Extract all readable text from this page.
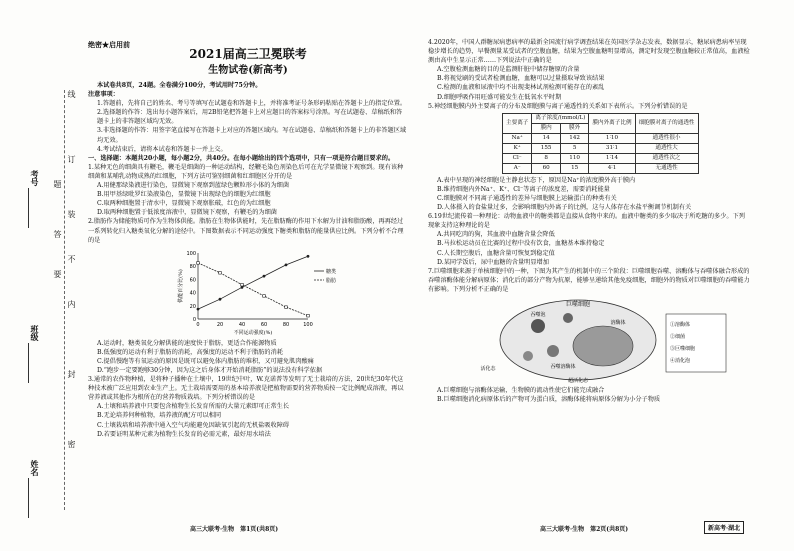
线
订
装
不
内
封
密
题
答
要
考号
班级
姓名
绝密★启用前
2021届高三卫冕联考
生物试卷(新高考)

本试卷共8页，24题。全卷满分100分，考试用时75分钟。

注意事项：

1.答题前，先将自己的姓名、考号等填写在试题卷和答题卡上，并将准考证号条形码粘贴在答题卡上的指定位置。

2.选择题的作答：选出每小题答案后，用2B铅笔把答题卡上对应题目的答案标号涂黑。写在试题卷、草稿纸和答题卡上的非答题区域均无效。

3.非选择题的作答：用签字笔直接写在答题卡上对应的答题区域内。写在试题卷、草稿纸和答题卡上的非答题区域均无效。

4.考试结束后，请将本试卷和答题卡一并上交。

一、选择题：本题共20小题，每小题2分，共40分。在每小题给出的四个选项中，只有一项是符合题目要求的。

1.某种无色的细菌具有鞭毛，鞭毛是细菌的一种运动结构，经鞭毛染色剂染色后可在光学显微镜下观察到。现有该种细菌和某哺乳动物成熟的红细胞，下列方法可鉴别细菌和红细胞区分开的是

A.用健那绿染液进行染色，显微镜下观察到蓝绿色颗粒形小体的为细菌

B.用甲基绿吡罗红染液染色，显微镜下出现绿色的细胞为红细胞

C.取两种细胞置于清水中，显微镜下观察胀破，红色的为红细胞

D.取两种细胞置于低浓度溶液中，显微镜下观察，有鞭毛的为细菌

2.脂肪作为储能物质可作为生物体供能。脂肪在生物体供能时，先在脂肪酶的作用下水解为甘油和脂肪酸，再再经过一系列转化归入糖类氧化分解的途径中。下图数据表示不同运动强度下糖类和脂肪的能量供应比例。下列分析不合理的是

0
20
40
60
80
100
0	20	40	60	80	100
不同运动强度(%)
供能百分比(%)	糖类
脂肪

A.运动时，糖类氧化分解供能的速度快于脂肪，更适合作能源物质

B.低强度的运动有利于脂肪的消耗，高强度的运动不利于脂肪的消耗

C.提倡慢跑等有氧运动的原因是既可以避免体内脂肪的堆积，又可避免肌肉酸痛

D.“跑步一定要跑够30分钟，因为这之后身体才开始消耗脂肪”的说法没有科学依据

3.通常的农作物种植，是将种子播种在土壤中，19世纪中叶，W.克诺普等发明了无土栽培的方法，20世纪30年代这种技术被广泛应用到农业生产上。无土栽培需要用的基本培养液是把植物需要的营养物质按一定比例配成溶液，再以营养液或其他作为根所在的营养物质栽培。下列分析错误的是

A.土壤和培养液中只要包含植物生长发育所需的大量元素即可正常生长

B.无论培养何种植物，培养液的配方可以相同

C.土壤栽培和培养液中通入空气均能避免因缺氧引起的无机盐吸收障碍

D.若要证明某种元素为植物生长发育的必需元素，最好用水培法

4.2020年，中国人群糖尿病患病率的最新全国流行病学调查结果在英国医学杂志发表，数据显示，糖尿病患病率呈现稳步增长的趋势，早餐测量某受试者的空腹血糖，结果为空腹血糖明显增高，测定时发现空腹血糖较正常值高，血液检测由高中生显示正常……下列说法中正确的是

A.空腹检测血糖的目的是监测肝脏中储存糖原的含量

B.将视觉刷的受试者检测血糖，血糖可以过量摄取导致该结果

C.检测的血液和尿液中均不出现斐林试剂检测可能存在的紊乱

D.细胞呼吸作用旺盛可能发生在低氧水平时期

5.神经细胞膜内外主要离子的分布及细胞膜与离子通透性的关系如下表所示。下列分析错误的是

主要离子	离子浓度/(mmol/L)		膜内外离子比例	细胞膜对离子的通透性
	膜内	膜外		
Na⁺	14	142	1∶10	通透性很小
K⁺	155	5	31∶1	通透性大
Cl⁻	8	110	1∶14	通透性次之
A⁻	60	15	4∶1	无通透性

A.表中呈现的神经细胞是主静息状态下，原因是Na⁺的浓度膜外高于膜内

B.维持细胞内外Na⁺、K⁺、Cl⁻等离子的浓度差，需要消耗能量

C.细胞膜对不同离子通透性的差异与细胞膜上运输蛋白的种类有关

D.人体摄入的食盐量过多，会影响细胞内外离子的比例，这与人体存在水盐平衡调节机制有关

6.19世纪流传着一种理论：动物血液中的糖类都是直接从食物中来的。血液中糖类的多少取决于所吃糖的多少。下列现象支持这种理论的是

A.共同吃肉的狗，其血液中血糖含量会降低

B.马拉松运动员在比赛的过程中没有饮食，血糖基本维持稳定

C.人长期空腹后，血糖含量可恢复到稳定值

D.某同学饭后，尿中血糖的含量明显增加

7.巨噬细胞来源于单核细胞中的一种，下图为其产生的机制中的三个阶段：巨噬细胞吞噬、溶酶体与吞噬体融合形成的吞噬溶酶体能分解病原体；消化后的部分产物为抗原，能够呈递给其他免疫细胞，细胞外的物质对巨噬细胞的吞噬能力有影响。下列分析不正确的是

巨噬细胞
吞噬泡
溶酶体
吞噬溶酶体
超活化态
活化态
①溶酶体
②细菌
③巨噬细胞
④消化泡

A.巨噬细胞与溶酶体运输，生物膜的流动性使它们能完成融合

B.巨噬细胞消化病原体后的产物可为蛋白质，溶酶体能将病原体分解为小分子物质

高三大联考·生物　第1页(共8页)	高三大联考·生物　第2页(共8页)	新高考·湖北
